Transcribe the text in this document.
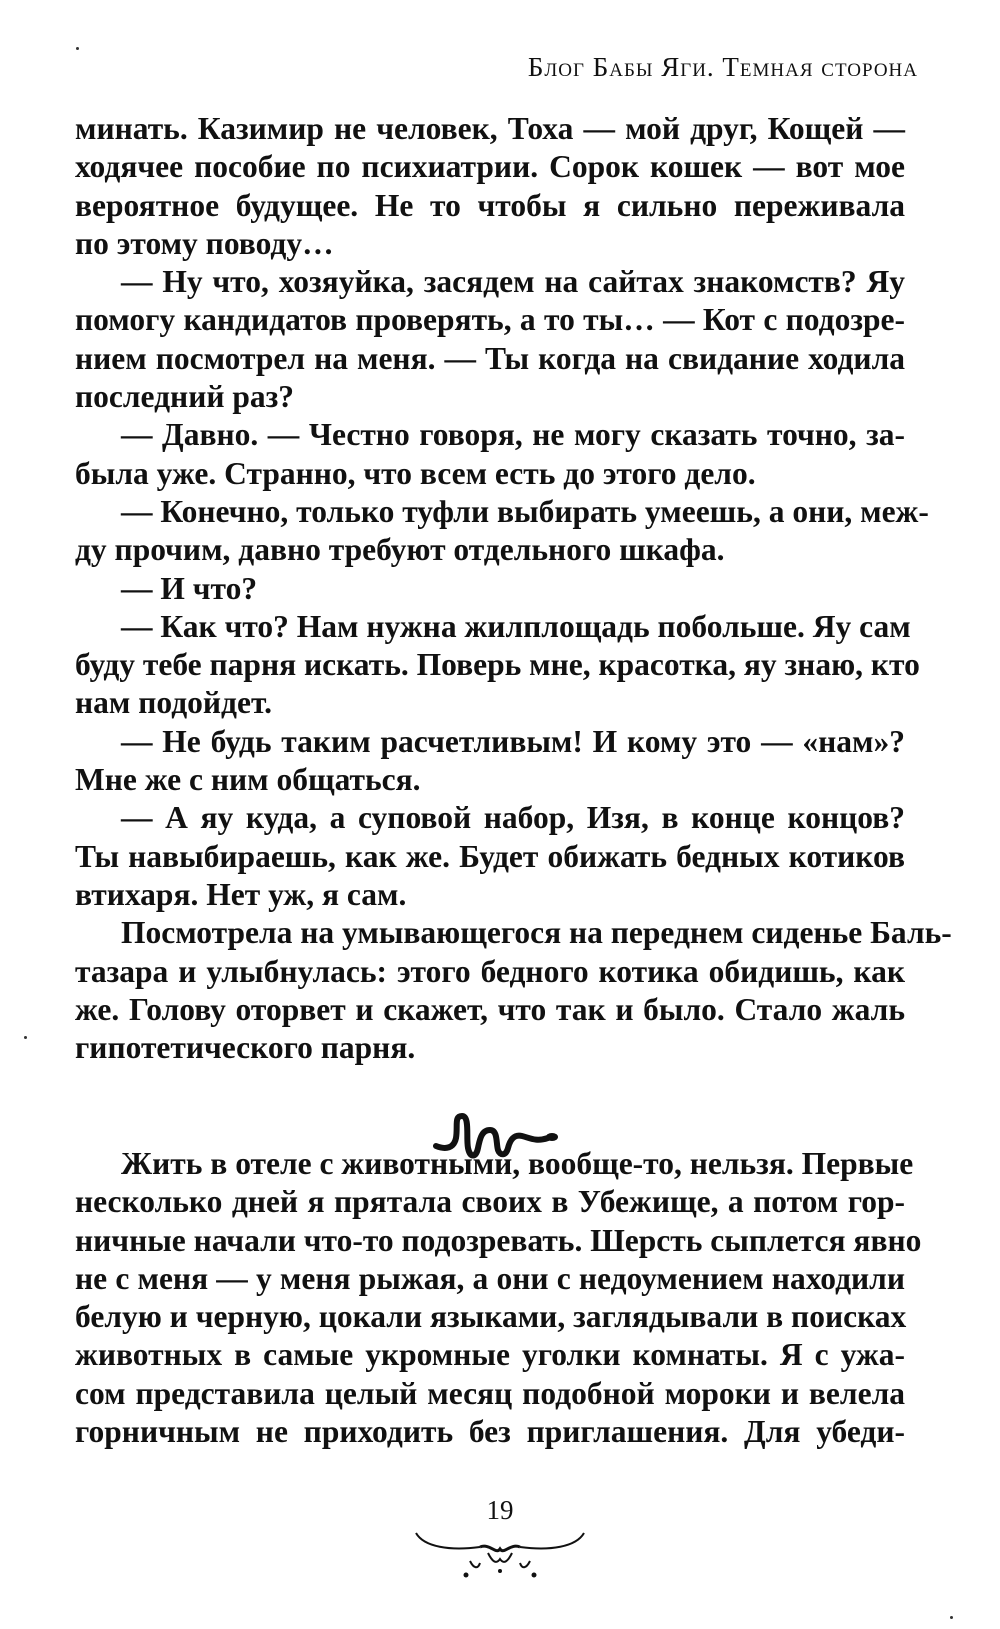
Блог Бабы Яги. Темная сторона
минать. Казимир не человек, Тоха — мой друг, Кощей —
ходячее пособие по психиатрии. Сорок кошек — вот мое
вероятное будущее. Не то чтобы я сильно переживала
по этому поводу…
— Ну что, хозяуйка, засядем на сайтах знакомств? Яу
помогу кандидатов проверять, а то ты… — Кот с подозре-
нием посмотрел на меня. — Ты когда на свидание ходила
последний раз?
— Давно. — Честно говоря, не могу сказать точно, за-
была уже. Странно, что всем есть до этого дело.
— Конечно, только туфли выбирать умеешь, а они, меж-
ду прочим, давно требуют отдельного шкафа.
— И что?
— Как что? Нам нужна жилплощадь побольше. Яу сам
буду тебе парня искать. Поверь мне, красотка, яу знаю, кто
нам подойдет.
— Не будь таким расчетливым! И кому это — «нам»?
Мне же с ним общаться.
— А яу куда, а суповой набор, Изя, в конце концов?
Ты навыбираешь, как же. Будет обижать бедных котиков
втихаря. Нет уж, я сам.
Посмотрела на умывающегося на переднем сиденье Баль-
тазара и улыбнулась: этого бедного котика обидишь, как
же. Голову оторвет и скажет, что так и было. Стало жаль
гипотетического парня.
Жить в отеле с животными, вообще-то, нельзя. Первые
несколько дней я прятала своих в Убежище, а потом гор-
ничные начали что-то подозревать. Шерсть сыплется явно
не с меня — у меня рыжая, а они с недоумением находили
белую и черную, цокали языками, заглядывали в поисках
животных в самые укромные уголки комнаты. Я с ужа-
сом представила целый месяц подобной мороки и велела
горничным не приходить без приглашения. Для убеди-
19
